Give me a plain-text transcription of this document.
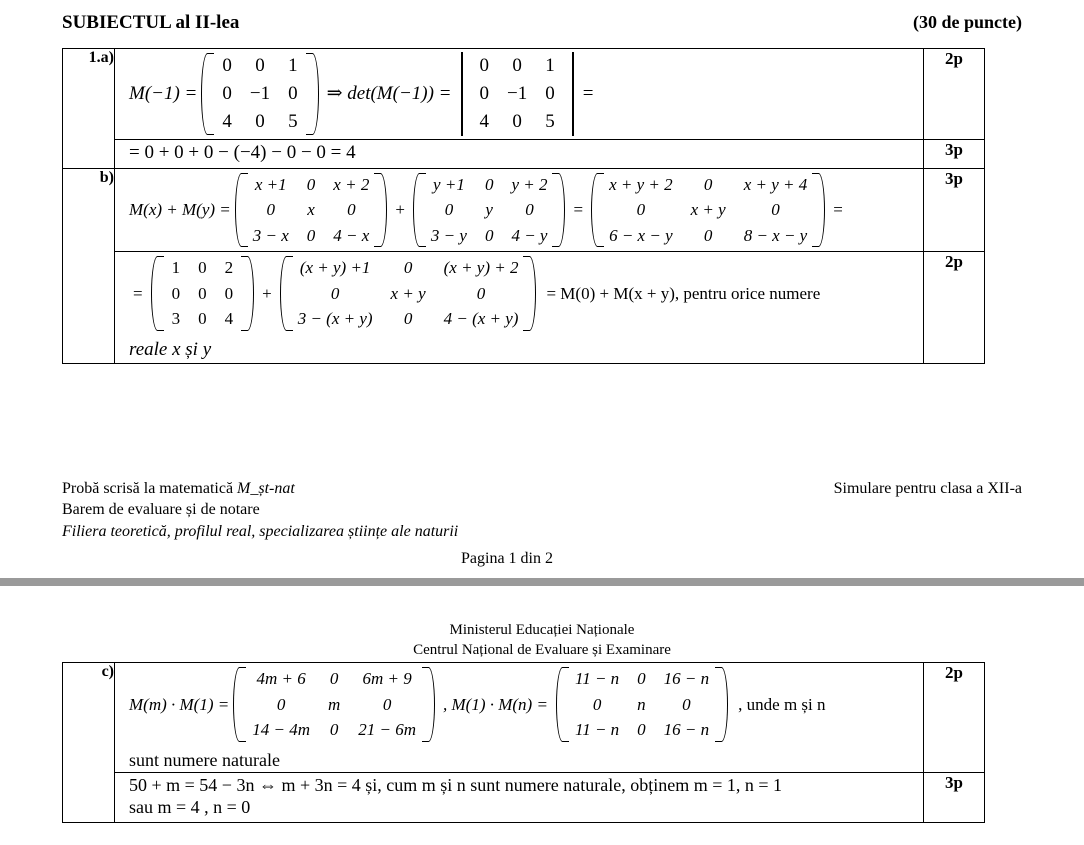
SUBIECTUL al II-lea	(30 de puncte)
1.a)	
M(−1) =
0	0	1
0 −1 0
4	0	5
⇒ det(M(−1)) =
0	0	1
0 −1 0
4	0	5
=
	2p

	= 0 + 0 + 0 − (−4) − 0 − 0 = 4	3p
b)	
M(x) + M(y) =
x +1	0	x + 2
0	x	0
3 − x	0	4 − x
+
y +1	0	y + 2
0	y	0
3 − y	0	4 − y
=
x + y + 2	0	x + y + 4
0	x + y	0
6 − x − y	0	8 − x − y
=
	3p

=
1	0	2
0	0	0
3	0	4
+
(x + y) +1	0	(x + y) + 2
0	x + y	0
3 − (x + y)	0	4 − (x + y)
= M(0) + M(x + y), pentru orice numere
reale x și y
	2p
Probă scrisă la matematică M_șt-nat	Simulare pentru clasa a XII-a
Barem de evaluare și de notare
Filiera teoretică, profilul real, specializarea științe ale naturii
Pagina 1 din 2
Ministerul Educației Naționale
Centrul Național de Evaluare și Examinare
c)	
M(m) · M(1) =
4m + 6	0	6m + 9
0	m	0
14 − 4m	0	21 − 6m
, M(1) · M(n) =
11 − n	0	16 − n
0	n	0
11 − n	0	16 − n
, unde m și n
sunt numere naturale
	2p

	50 + m = 54 − 3n ⇔ m + 3n = 4 și, cum m și n sunt numere naturale, obținem m = 1, n = 1
sau m = 4 , n = 0	3p
